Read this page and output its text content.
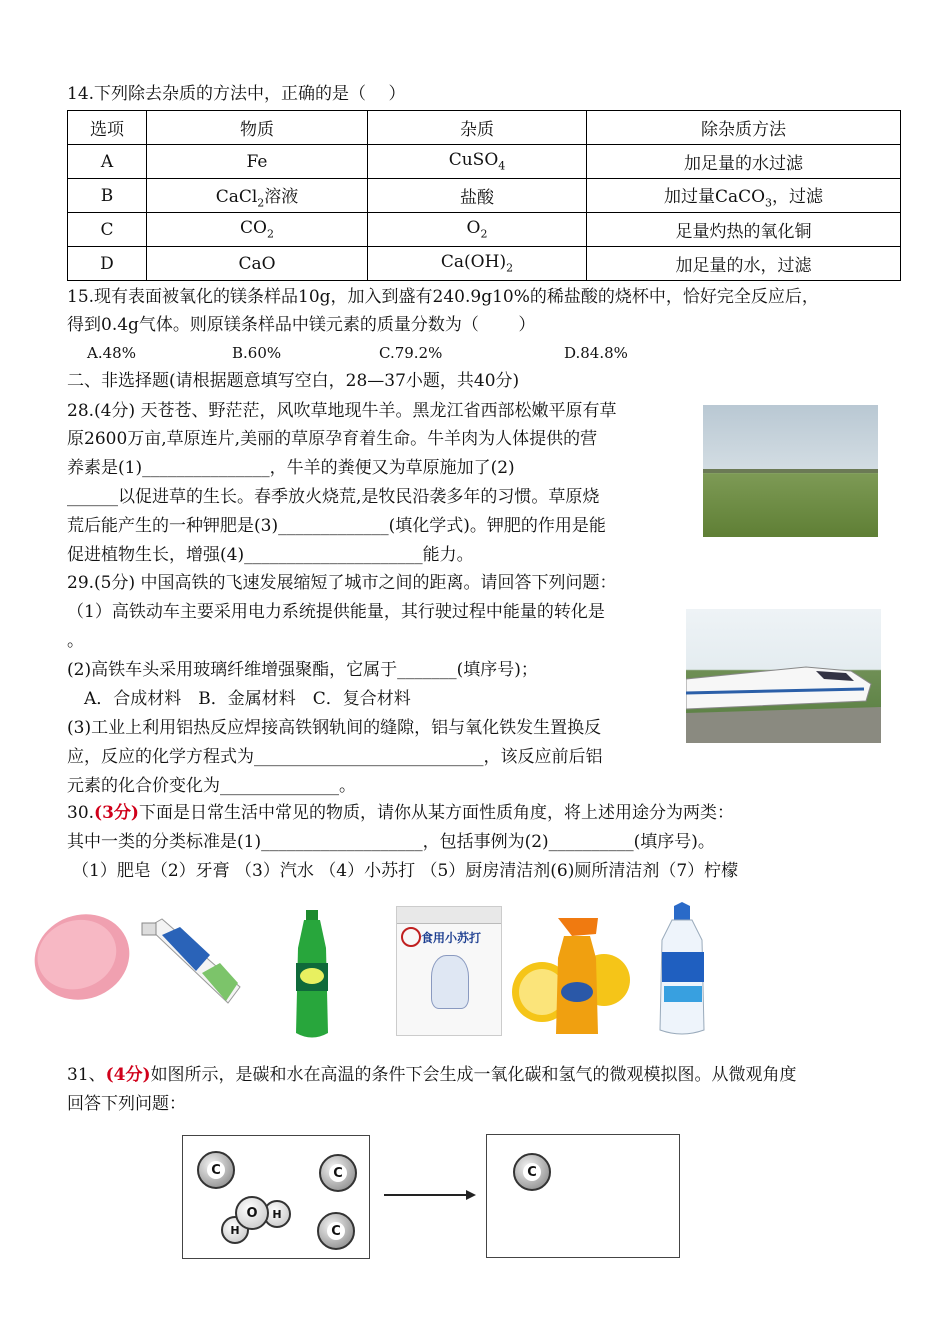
14.下列除去杂质的方法中，正确的是（　 ）
选项	物质	杂质	除杂质方法
A	Fe	CuSO$_4$	加足量的水过滤
B	CaCl$_2$溶液	盐酸	加过量CaCO$_3$，过滤
C	$CO_2$	$O_2$	足量灼热的氧化铜
D	CaO	$Ca(OH)_2$	加足量的水，过滤
15.现有表面被氧化的镁条样品10g，加入到盛有240.9g10%的稀盐酸的烧杯中，恰好完全反应后，
得到0.4g气体。则原镁条样品中镁元素的质量分数为（　　 ）
A.48%	B.60%	C.79.2%	D.84.8%
二、非选择题(请根据题意填写空白，28—37小题，共40分)
28.(4分) 天苍苍、野茫茫，风吹草地现牛羊。黑龙江省西部松嫩平原有草
原2600万亩,草原连片,美丽的草原孕育着生命。牛羊肉为人体提供的营
养素是(1)_______________，牛羊的粪便又为草原施加了(2)
______以促进草的生长。春季放火烧荒,是牧民沿袭多年的习惯。草原烧
荒后能产生的一种钾肥是(3)_____________(填化学式)。钾肥的作用是能
促进植物生长，增强(4)_____________________能力。
29.(5分) 中国高铁的飞速发展缩短了城市之间的距离。请回答下列问题：
（1）高铁动车主要采用电力系统提供能量，其行驶过程中能量的转化是
。
(2)高铁车头采用玻璃纤维增强聚酯，它属于_______(填序号)；
　A．合成材料　B．金属材料　C．复合材料
(3)工业上利用铝热反应焊接高铁钢轨间的缝隙，铝与氧化铁发生置换反
应，反应的化学方程式为___________________________，该反应前后铝
元素的化合价变化为______________。
30.(3分)下面是日常生活中常见的物质，请你从某方面性质角度，将上述用途分为两类：
其中一类的分类标准是(1)___________________，包括事例为(2)__________(填序号)。
（1）肥皂（2）牙膏 （3）汽水 （4）小苏打 （5）厨房清洁剂(6)厕所清洁剂（7）柠檬
食用小苏打
31、(4分)如图所示，是碳和水在高温的条件下会生成一氧化碳和氢气的微观模拟图。从微观角度
回答下列问题：
C	C
C
H
H
O
C
